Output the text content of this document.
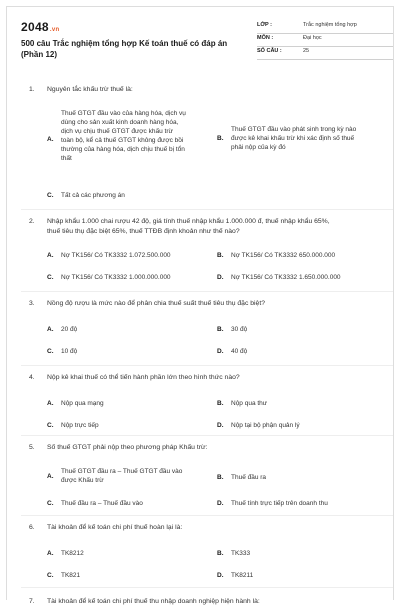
2048.vn
500 câu Trắc nghiệm tổng hợp Kế toán thuế có đáp án (Phần 12)
LỚP :	Trắc nghiệm tổng hợp
MÔN :	Đại học
SỐ CÂU :	25
1. Nguyên tắc khấu trừ thuế là:
A.
Thuế GTGT đầu vào của hàng hóa, dịch vụ
dùng cho sản xuất kinh doanh hàng hóa,
dịch vụ chịu thuế GTGT được khấu trừ
toàn bộ, kể cả thuế GTGT không được bồi
thường của hàng hóa, dịch chịu thuế bị tổn
thất
B.
Thuế GTGT đầu vào phát sinh trong kỳ nào
được kê khai khấu trừ khi xác định số thuế
phải nộp của kỳ đó
C. Tất cả các phương án
2. Nhập khẩu 1.000 chai rượu 42 độ, giá tính thuế nhập khẩu 1.000.000 đ, thuế nhập khẩu 65%,
thuế tiêu thụ đặc biệt 65%, thuế TTĐB định khoản như thế nào?
A. Nợ TK156/ Có TK3332 1.072.500.000	B. Nợ TK156/ Có TK3332 650.000.000
C. Nợ TK156/ Có TK3332 1.000.000.000	D. Nợ TK156/ Có TK3332 1.650.000.000
3. Nồng độ rượu là mức nào để phân chia thuế suất thuế tiêu thụ đặc biệt?
A. 20 độ	B. 30 độ
C. 10 độ	D. 40 độ
4. Nộp kê khai thuế có thể tiến hành phần lớn theo hình thức nào?
A. Nộp qua mạng	B. Nộp qua thư
C. Nộp trực tiếp	D. Nộp tại bộ phận quản lý
5. Số thuế GTGT phải nộp theo phương pháp Khấu trừ:
A.
Thuế GTGT đầu ra – Thuế GTGT đầu vào
được Khấu trừ	B. Thuế đầu ra
C. Thuế đầu ra – Thuế đầu vào	D. Thuế tính trực tiếp trên doanh thu
6. Tài khoản để kế toán chi phí thuế hoàn lại là:
A. TK8212	B. TK333
C. TK821	D. TK8211
7. Tài khoản để kế toán chi phí thuế thu nhập doanh nghiệp hiện hành là:
